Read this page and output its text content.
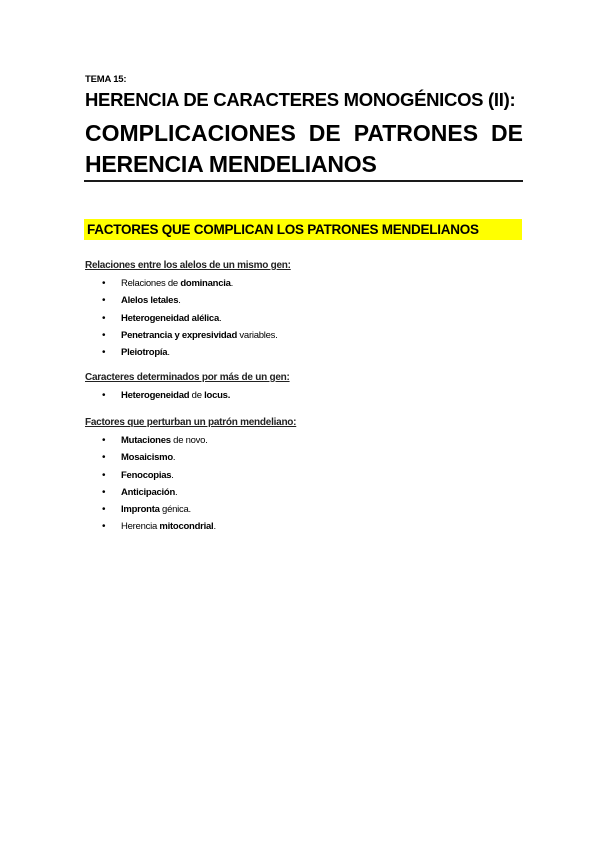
TEMA 15:
HERENCIA DE CARACTERES MONOGÉNICOS (II):
COMPLICACIONES DE PATRONES DE
HERENCIA MENDELIANOS
FACTORES QUE COMPLICAN LOS PATRONES MENDELIANOS
Relaciones entre los alelos de un mismo gen:
• Relaciones de dominancia.
• Alelos letales.
• Heterogeneidad alélica.
• Penetrancia y expresividad variables.
• Pleiotropía.
Caracteres determinados por más de un gen:
• Heterogeneidad de locus.
Factores que perturban un patrón mendeliano:
• Mutaciones de novo.
• Mosaicismo.
• Fenocopias.
• Anticipación.
• Impronta génica.
• Herencia mitocondrial.
